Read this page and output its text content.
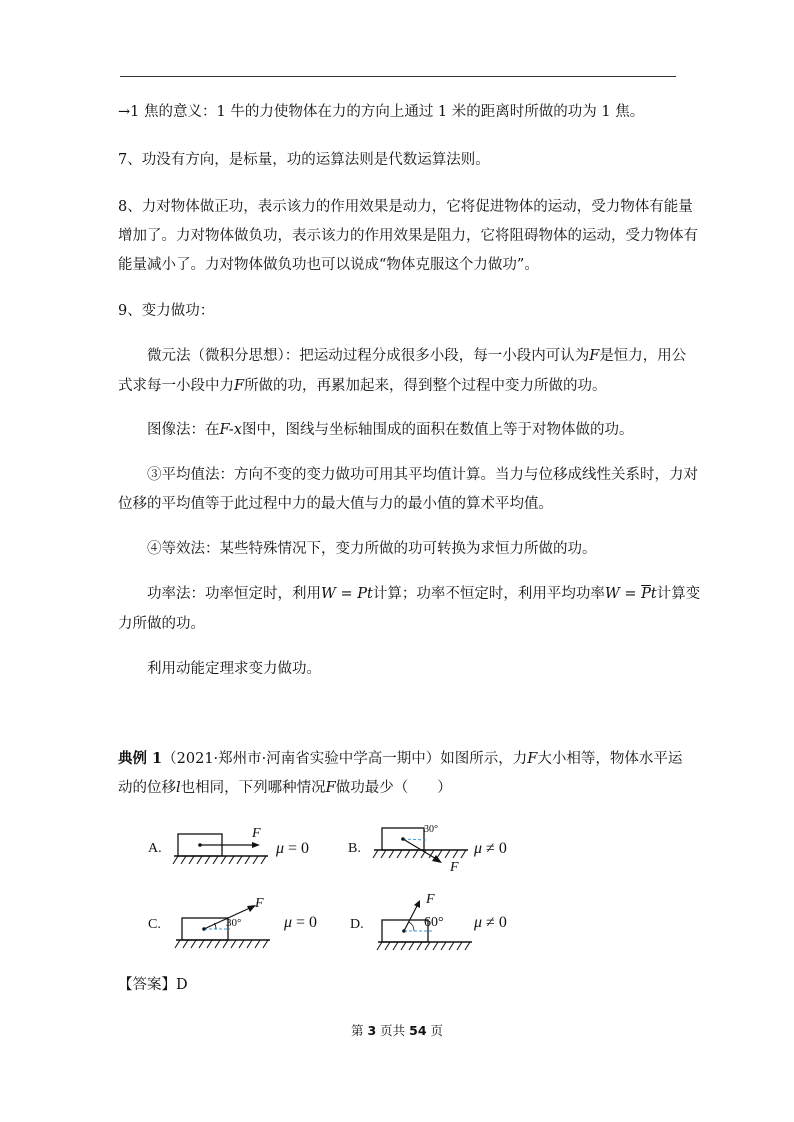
→1 焦的意义：1 牛的力使物体在力的方向上通过 1 米的距离时所做的功为 1 焦。
7、功没有方向，是标量，功的运算法则是代数运算法则。
8、力对物体做正功，表示该力的作用效果是动力，它将促进物体的运动，受力物体有能量
增加了。力对物体做负功，表示该力的作用效果是阻力，它将阻碍物体的运动，受力物体有
能量减小了。力对物体做负功也可以说成“物体克服这个力做功”。
9、变力做功：
微元法（微积分思想）：把运动过程分成很多小段，每一小段内可认为F是恒力，用公
式求每一小段中力F所做的功，再累加起来，得到整个过程中变力所做的功。
图像法：在F-x图中，图线与坐标轴围成的面积在数值上等于对物体做的功。
③平均值法：方向不变的变力做功可用其平均值计算。当力与位移成线性关系时，力对
位移的平均值等于此过程中力的最大值与力的最小值的算术平均值。
④等效法：某些特殊情况下，变力所做的功可转换为求恒力所做的功。
功率法：功率恒定时，利用W = Pt计算；功率不恒定时，利用平均功率$W = \overline{P}t$计算变
力所做的功。
利用动能定理求变力做功。
典例 1（2021·郑州市·河南省实验中学高一期中）如图所示，力F大小相等，物体水平运
动的位移l也相同，下列哪种情况F做功最少（　　）
A.
F
μ = 0	B.
30°
F
μ ≠ 0
C.	30°
F
μ = 0 D.	60°
F
μ ≠ 0
【答案】D
第 3 页共 54 页
